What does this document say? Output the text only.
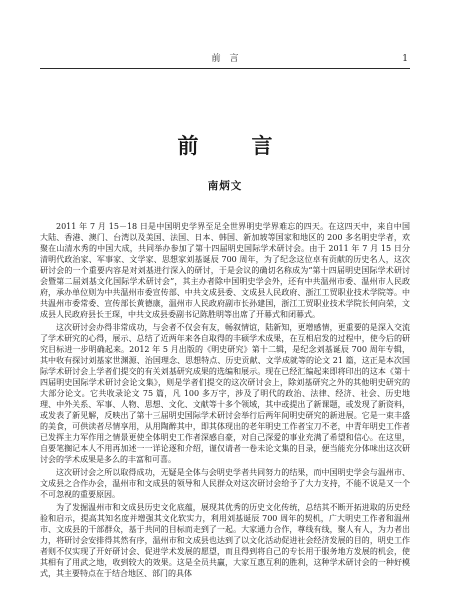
前　言	1
前　言
南炳文

2011 年 7 月 15－18 日是中国明史学界至足全世界明史学界难忘的四天。在这四天中，来自中国大陆、香港、澳门、台湾以及美国、法国、日本、韩国、新加坡等国家和地区的 200 多名明史学者，欢聚在山清水秀的中国大成，共同举办参加了第十四届明史国际学术研讨会。由于 2011 年 7 月 15 日分清明代政治家、军事家、文学家、思想家刘基诞辰 700 周年，为了纪念这位卓有贡献的历史名人，这次研讨会的一个重要内容是对刘基进行深入的研讨，于是会议的确切名称成为“第十四届明史国际学术研讨会暨第二届刘基文化国际学术研讨会”，其主办者除中国明史学会外，还有中共温州市委、温州市人民政府，承办单位则为中共温州市委宣传部、中共文成县委、文成县人民政府、浙江工贸职业技术学院等。中共温州市委常委、宣传部长黄德康，温州市人民政府副市长孙建国，浙江工贸职业技术学院长何向荣，文成县人民政府县长王琛，中共文成县委副书记陈胜明等出席了开幕式和闭幕式。

这次研讨会办得非常成功，与会者不仅会有友，畅叙情谊，陆新知，更增感情，更重要的是深入交流了学术研究的心得，展示、总结了近两年来各自取得的丰硕学术成果，在互相启发的过程中，使今后的研究目标进一步明确起来。2012 年 5 月出版的《明史研究》第十二辑，是纪念刘基诞辰 700 周年专辑，其中收有探讨刘基家世渊源、治国理念、思想特点、历史贡献、文学成就等的论文 21 篇，这正是本次国际学术研讨会上学者们提交的有关刘基研究成果的选编和展示。现在已经汇编起来即将印出的这本《第十四届明史国际学术研讨会论文集》，则是学者们提交的这次研讨会上，除刘基研究之外的其他明史研究的大部分论文。它共收录论文 75 篇，凡 100 多万字，涉及了明代的政治、法律、经济、社会、历史地理、中外关系、军事、人物、思想、文化、文献等十多个领域，其中或提出了新课题，或发现了新资料，或发表了新见解，反映出了第十三届明史国际学术研讨会举行后两年间明史研究的新进展。它是一束丰盛的美食，可供读者尽情享用，从用陶醉其中，即其体现出的老年明史工作者宝刀不老，中青年明史工作者已发挥主力军作用之情景更使全体明史工作者深感自豪，对自己深爱的事业充满了希望和信心。在这里，自要笔搁记本人不用再加述一一详论逐和介绍，谨仅请者一卷未论文集的目录，便当能充分体味出这次研讨会的学术成果是多么的丰富和可喜。

这次研讨会之所以取得成功，无疑是全体与会明史学者共同努力的结果，而中国明史学会与温州市、文成县之合作办会，温州市和文成县的领导和人民群众对这次研讨会给予了大力支持，不能不说是又一个不可忽视的重要原因。

为了发掘温州市和文成县历史文化底蕴，展现其优秀的历史文化传统，总结其不断开拓进取的历史经验和启示，提高其知名度并增强其文化软实力，利用刘基诞辰 700 周年的契机，广大明史工作者和温州市、文成县的干部群众，基于共同的目标而走到了一起。大家通力合作，尊线有线，聚人有人，为力者出力，将研讨会安排得其然有序，温州市和文成县也达到了以文化活动促进社会经济发展的目的，明史工作者则不仅实现了开好研讨会、促进学术发展的愿望，而且得到将自己的专长用于服务地方发展的机会，使其相有了用武之地，收到较大的效果。这是全员共赢，大家互惠互利的胜利，这种学术研讨会的一种好模式，其主要特点在于结合地区、部门的具体
